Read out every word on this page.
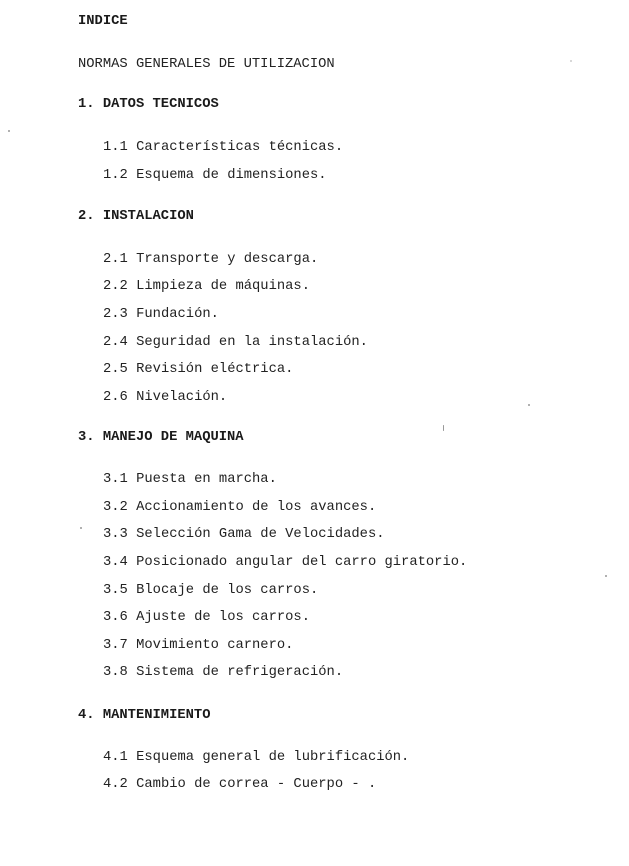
INDICE
NORMAS GENERALES DE UTILIZACION
1. DATOS TECNICOS
1.1 Características técnicas.
1.2 Esquema de dimensiones.
2. INSTALACION
2.1 Transporte y descarga.
2.2 Limpieza de máquinas.
2.3 Fundación.
2.4 Seguridad en la instalación.
2.5 Revisión eléctrica.
2.6 Nivelación.
3. MANEJO DE MAQUINA
3.1 Puesta en marcha.
3.2 Accionamiento de los avances.
3.3 Selección Gama de Velocidades.
3.4 Posicionado angular del carro giratorio.
3.5 Blocaje de los carros.
3.6 Ajuste de los carros.
3.7 Movimiento carnero.
3.8 Sistema de refrigeración.
4. MANTENIMIENTO
4.1 Esquema general de lubrificación.
4.2 Cambio de correa - Cuerpo - .
